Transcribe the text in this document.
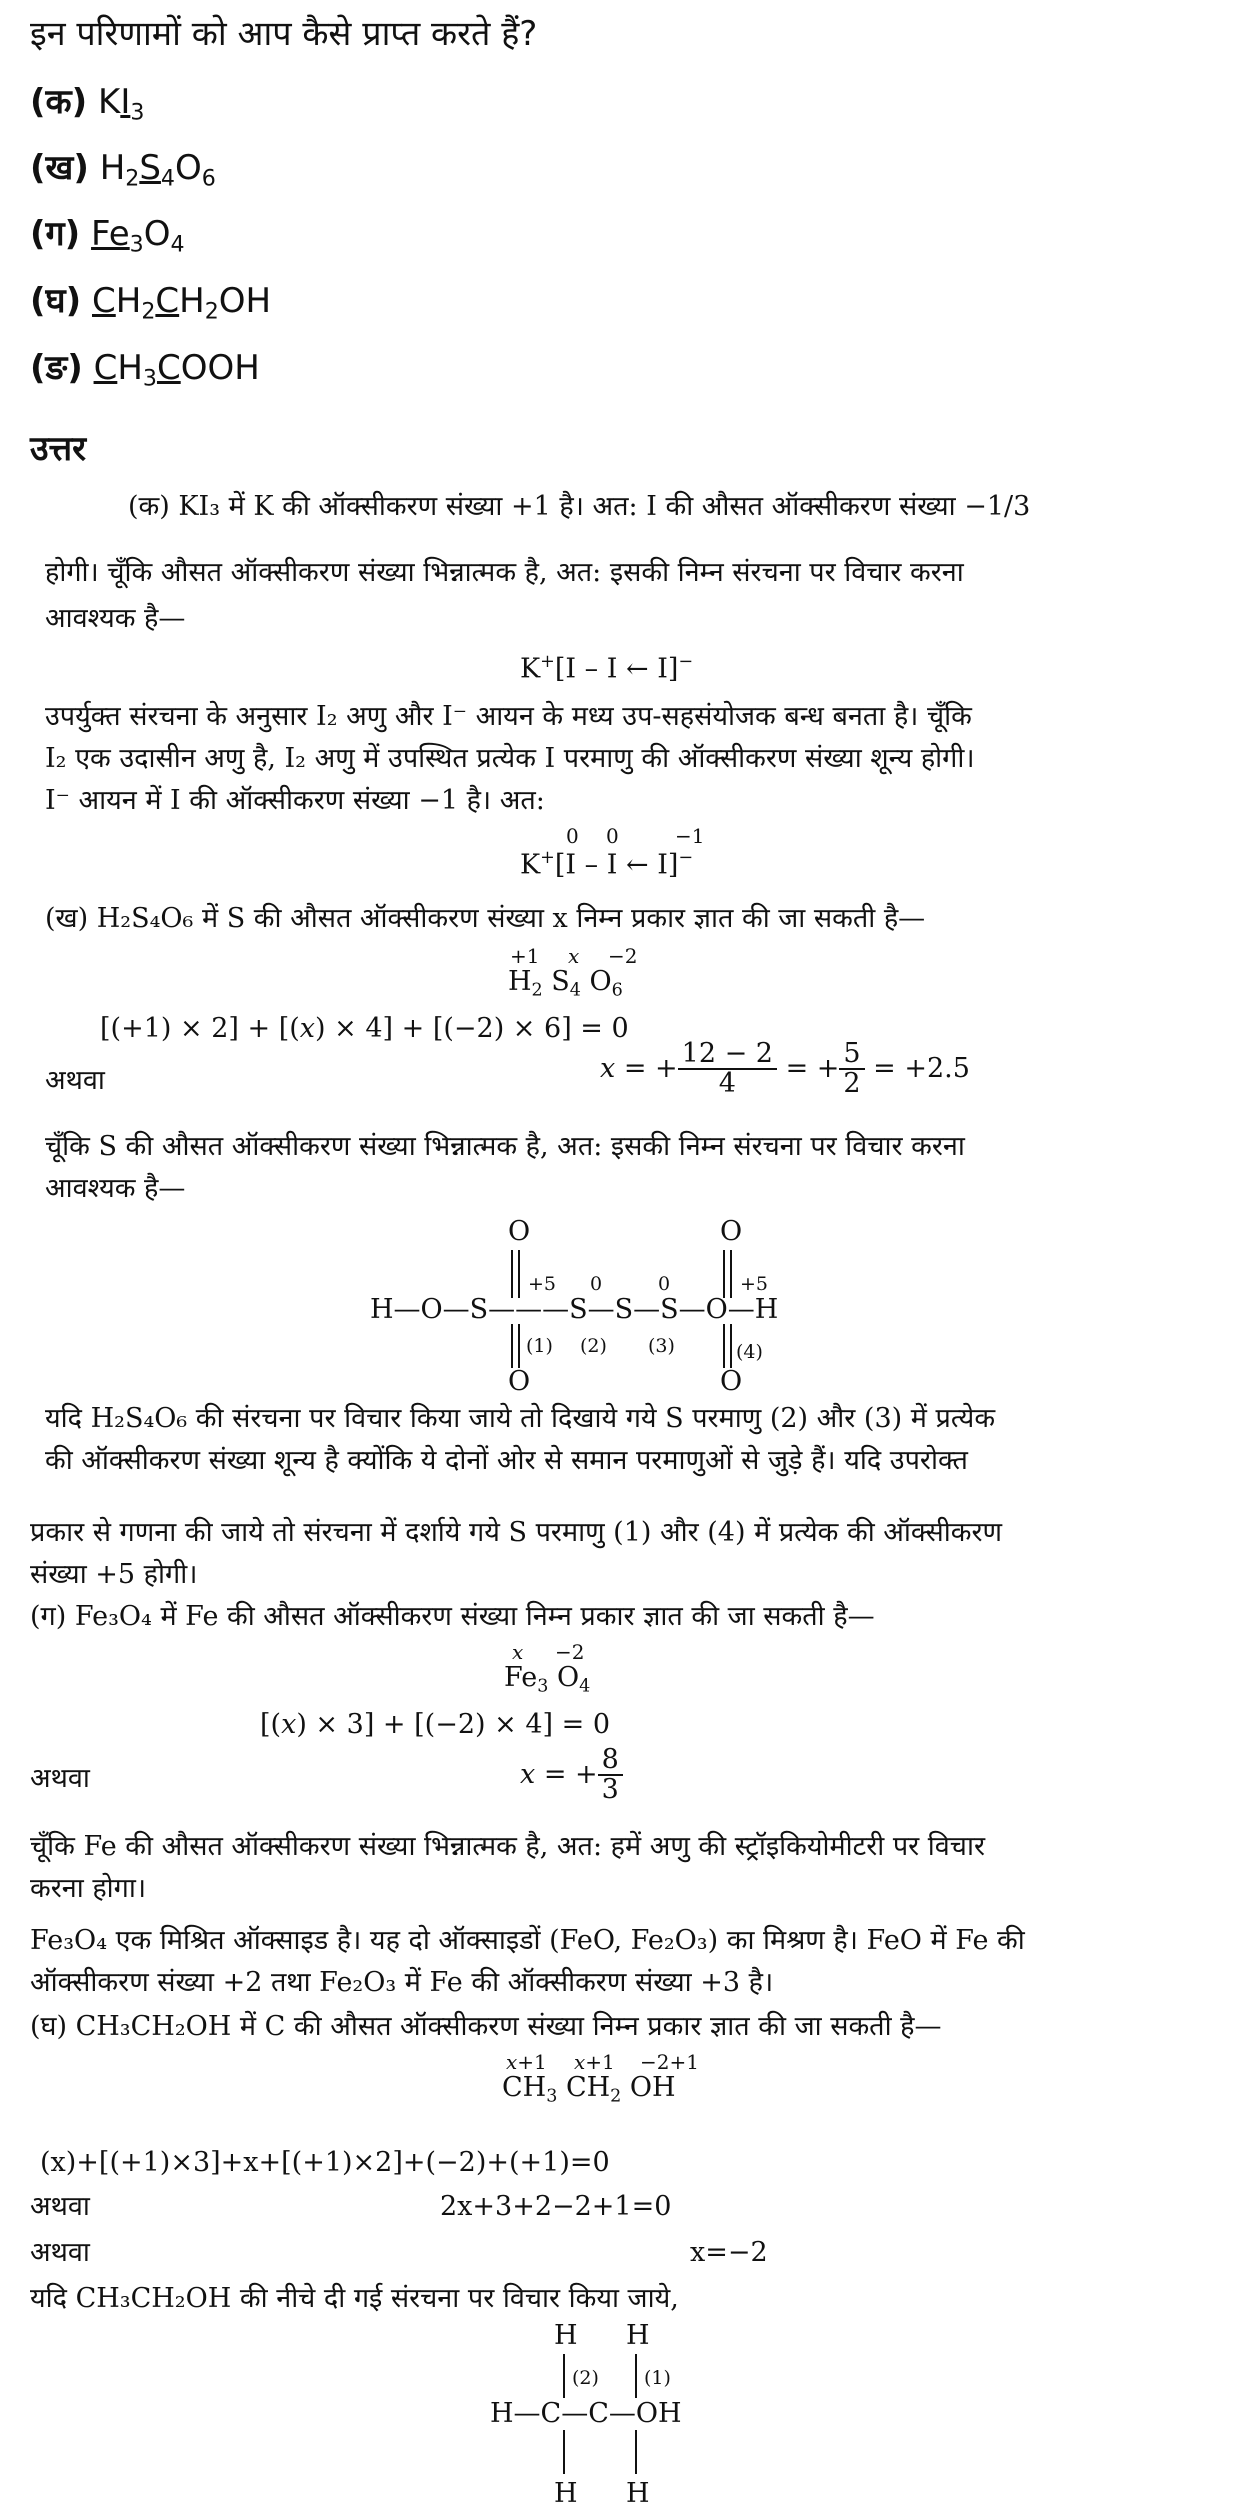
इन परिणामों को आप कैसे प्राप्त करते हैं?
(क) $KI_3$
(ख) $H_2S_4O_6$
(ग) $Fe_3O_4$
(घ) $CH_2CH_2OH$
(ङ) $CH_3COOH$
उत्तर
(क) KI₃ में K की ऑक्सीकरण संख्या +1 है। अत: I की औसत ऑक्सीकरण संख्या −1/3
होगी। चूँकि औसत ऑक्सीकरण संख्या भिन्नात्मक है, अत: इसकी निम्न संरचना पर विचार करना
आवश्यक है—
K+[I – I ← I]−
उपर्युक्त संरचना के अनुसार I₂ अणु और I⁻ आयन के मध्य उप-सहसंयोजक बन्ध बनता है। चूँकि
I₂ एक उदासीन अणु है, I₂ अणु में उपस्थित प्रत्येक I परमाणु की ऑक्सीकरण संख्या शून्य होगी।
I⁻ आयन में I की ऑक्सीकरण संख्या −1 है। अत:
0 0	−1
K+[I – I ← I]−
(ख) H₂S₄O₆ में S की औसत ऑक्सीकरण संख्या x निम्न प्रकार ज्ञात की जा सकती है—
+1 x −2
$H_2$ $S_4$ $O_6$
[(+1) × 2] + [(x) × 4] + [(−2) × 6] = 0
अथवा	x = + $\frac{12 - 2}{4}$ = + $\frac{5}{2} = +2.5$
चूँकि S की औसत ऑक्सीकरण संख्या भिन्नात्मक है, अत: इसकी निम्न संरचना पर विचार करना
आवश्यक है—
O	O
O	O
H—O—S———S—S—S—O—H
+5 0	0	+5
(1) (2) (3)	(4)
यदि H₂S₄O₆ की संरचना पर विचार किया जाये तो दिखाये गये S परमाणु (2) और (3) में प्रत्येक
की ऑक्सीकरण संख्या शून्य है क्योंकि ये दोनों ओर से समान परमाणुओं से जुड़े हैं। यदि उपरोक्त
प्रकार से गणना की जाये तो संरचना में दर्शाये गये S परमाणु (1) और (4) में प्रत्येक की ऑक्सीकरण
संख्या +5 होगी।
(ग) Fe₃O₄ में Fe की औसत ऑक्सीकरण संख्या निम्न प्रकार ज्ञात की जा सकती है—
x −2
$Fe_3$ $O_4$
[(x) × 3] + [(−2) × 4] = 0
अथवा	x = + $\frac{8}{3}$
चूँकि Fe की औसत ऑक्सीकरण संख्या भिन्नात्मक है, अत: हमें अणु की स्ट्रॉइकियोमीटरी पर विचार
करना होगा।
Fe₃O₄ एक मिश्रित ऑक्साइड है। यह दो ऑक्साइडों (FeO, Fe₂O₃) का मिश्रण है। FeO में Fe की
ऑक्सीकरण संख्या +2 तथा Fe₂O₃ में Fe की ऑक्सीकरण संख्या +3 है।
(घ) CH₃CH₂OH में C की औसत ऑक्सीकरण संख्या निम्न प्रकार ज्ञात की जा सकती है—
x+1 x+1 −2+1
$CH_3$ $CH_2$ OH
(x)+[(+1)×3]+x+[(+1)×2]+(−2)+(+1)=0
अथवा	2x+3+2−2+1=0
अथवा	x=−2
यदि CH₃CH₂OH की नीचे दी गई संरचना पर विचार किया जाये,
H H
H—C—C—OH
H H
(2) (1)
